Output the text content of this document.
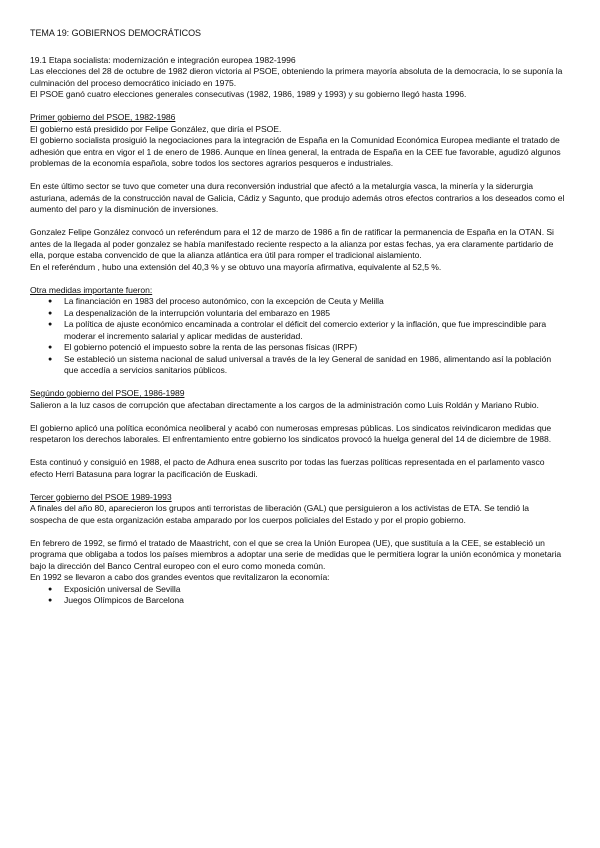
TEMA 19: GOBIERNOS DEMOCRÁTICOS

19.1 Etapa socialista: modernización e integración europea 1982-1996

Las elecciones del 28 de octubre de 1982 dieron victoria al PSOE, obteniendo la primera mayoría absoluta de la democracia, lo se suponía la culminación del proceso democrático iniciado en 1975.

El PSOE ganó cuatro elecciones generales consecutivas (1982, 1986, 1989 y 1993) y su gobierno llegó hasta 1996.

Primer gobierno del PSOE, 1982-1986

El gobierno está presidido por Felipe González, que diría el PSOE.

El gobierno socialista prosiguió la negociaciones para la integración de España en la Comunidad Económica Europea mediante el tratado de adhesión que entra en vigor el 1 de enero de 1986. Aunque en línea general, la entrada de España en la CEE fue favorable, agudizó algunos problemas de la economía española, sobre todos los sectores agrarios pesqueros e industriales.

En este último sector se tuvo que cometer una dura reconversión industrial que afectó a la metalurgia vasca, la minería y la siderurgia asturiana, además de la construcción naval de Galicia, Cádiz y Sagunto, que produjo además otros efectos contrarios a los deseados como el aumento del paro y la disminución de inversiones.

Gonzalez Felipe González convocó un referéndum para el 12 de marzo de 1986 a fin de ratificar la permanencia de España en la OTAN. Si antes de la llegada al poder gonzalez se había manifestado reciente respecto a la alianza por estas fechas, ya era claramente partidario de ella, porque estaba convencido de que la alianza atlántica era útil para romper el tradicional aislamiento.

En el referéndum , hubo una extensión del 40,3 % y se obtuvo una mayoría afirmativa, equivalente al 52,5 %.

Otra medidas importante fueron:

● La financiación en 1983 del proceso autonómico, con la excepción de Ceuta y Melilla
● La despenalización de la interrupción voluntaria del embarazo en 1985
● La política de ajuste económico encaminada a controlar el déficit del comercio exterior y la inflación, que fue imprescindible para moderar el incremento salarial y aplicar medidas de austeridad.
● El gobierno potenció el impuesto sobre la renta de las personas físicas (IRPF)
● Se estableció un sistema nacional de salud universal a través de la ley General de sanidad en 1986, alimentando así la población que accedía a servicios sanitarios públicos.

Segúndo gobierno del PSOE, 1986-1989

Salieron a la luz casos de corrupción que afectaban directamente a los cargos de la administración como Luis Roldán y Mariano Rubio.

El gobierno aplicó una política económica neoliberal y acabó con numerosas empresas públicas. Los sindicatos reivindicaron medidas que respetaron los derechos laborales. El enfrentamiento entre gobierno los sindicatos provocó la huelga general del 14 de diciembre de 1988.

Esta continuó y consiguió en 1988, el pacto de Adhura enea suscrito por todas las fuerzas políticas representada en el parlamento vasco efecto Herri Batasuna para lograr la pacificación de Euskadi.

Tercer gobierno del PSOE 1989-1993

A finales del año 80, aparecieron los grupos anti terroristas de liberación (GAL) que persiguieron a los activistas de ETA. Se tendió la sospecha de que esta organización estaba amparado por los cuerpos policiales del Estado y por el propio gobierno.

En febrero de 1992, se firmó el tratado de Maastricht, con el que se crea la Unión Europea (UE), que sustituía a la CEE, se estableció un programa que obligaba a todos los países miembros a adoptar una serie de medidas que le permitiera lograr la unión económica y monetaria bajo la dirección del Banco Central europeo con el euro como moneda común.

En 1992 se llevaron a cabo dos grandes eventos que revitalizaron la economía:

● Exposición universal de Sevilla
● Juegos Olímpicos de Barcelona
